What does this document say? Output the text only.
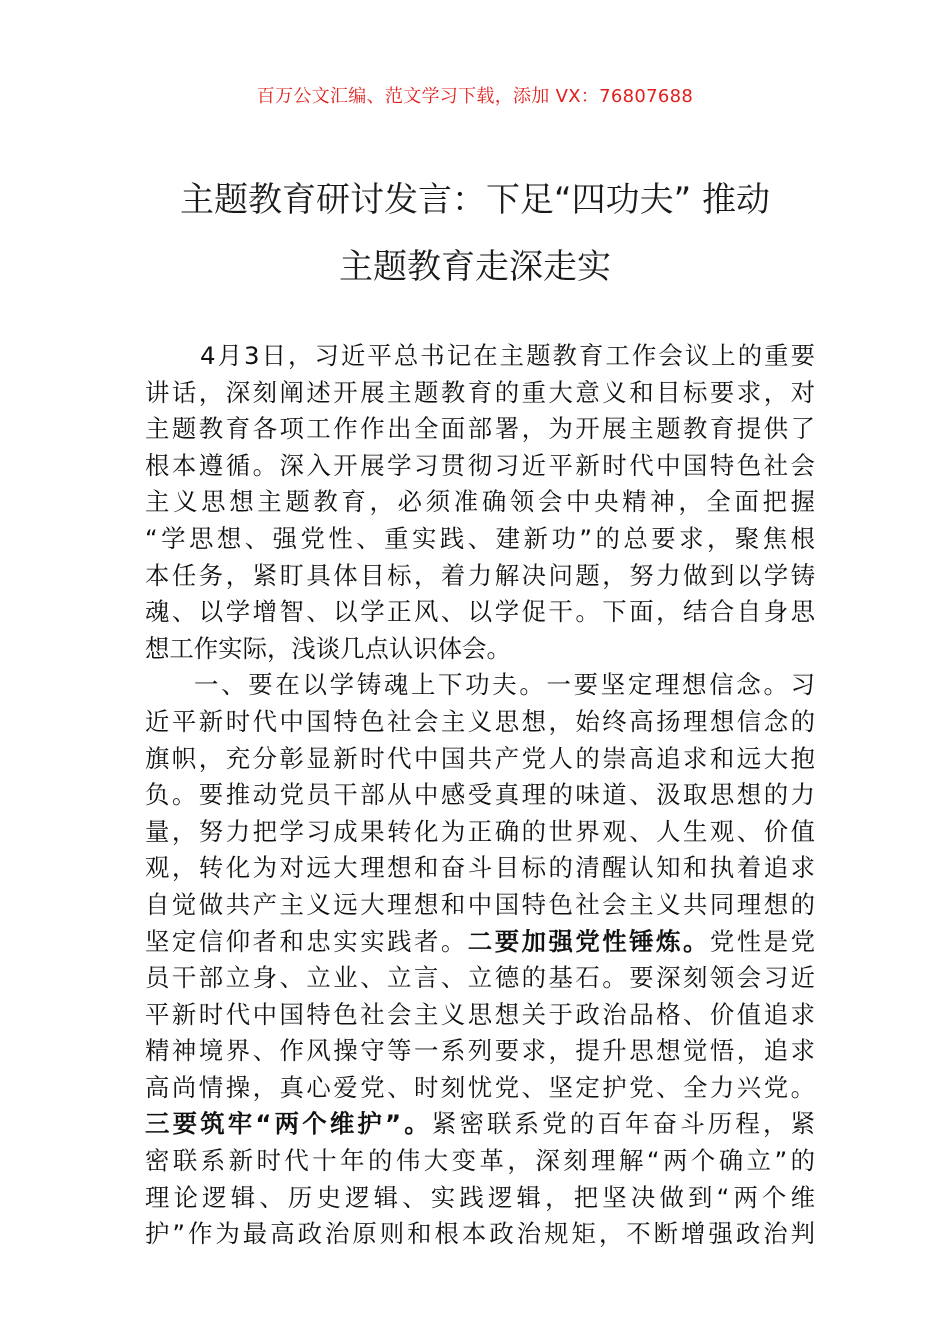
百万公文汇编、范文学习下载，添加 VX：76807688
主题教育研讨发言：下足“四功夫” 推动
主题教育走深走实
4月3日，习近平总书记在主题教育工作会议上的重要
讲话，深刻阐述开展主题教育的重大意义和目标要求，对
主题教育各项工作作出全面部署，为开展主题教育提供了
根本遵循。深入开展学习贯彻习近平新时代中国特色社会
主义思想主题教育，必须准确领会中央精神，全面把握
“学思想、强党性、重实践、建新功”的总要求，聚焦根
本任务，紧盯具体目标，着力解决问题，努力做到以学铸
魂、以学增智、以学正风、以学促干。下面，结合自身思
想工作实际，浅谈几点认识体会。
一、要在以学铸魂上下功夫。一要坚定理想信念。习
近平新时代中国特色社会主义思想，始终高扬理想信念的
旗帜，充分彰显新时代中国共产党人的崇高追求和远大抱
负。要推动党员干部从中感受真理的味道、汲取思想的力
量，努力把学习成果转化为正确的世界观、人生观、价值
观，转化为对远大理想和奋斗目标的清醒认知和执着追求
自觉做共产主义远大理想和中国特色社会主义共同理想的
坚定信仰者和忠实实践者。二要加强党性锤炼。党性是党
员干部立身、立业、立言、立德的基石。要深刻领会习近
平新时代中国特色社会主义思想关于政治品格、价值追求
精神境界、作风操守等一系列要求，提升思想觉悟，追求
高尚情操，真心爱党、时刻忧党、坚定护党、全力兴党。
三要筑牢“两个维护”。紧密联系党的百年奋斗历程，紧
密联系新时代十年的伟大变革，深刻理解“两个确立”的
理论逻辑、历史逻辑、实践逻辑，把坚决做到“两个维
护”作为最高政治原则和根本政治规矩，不断增强政治判
